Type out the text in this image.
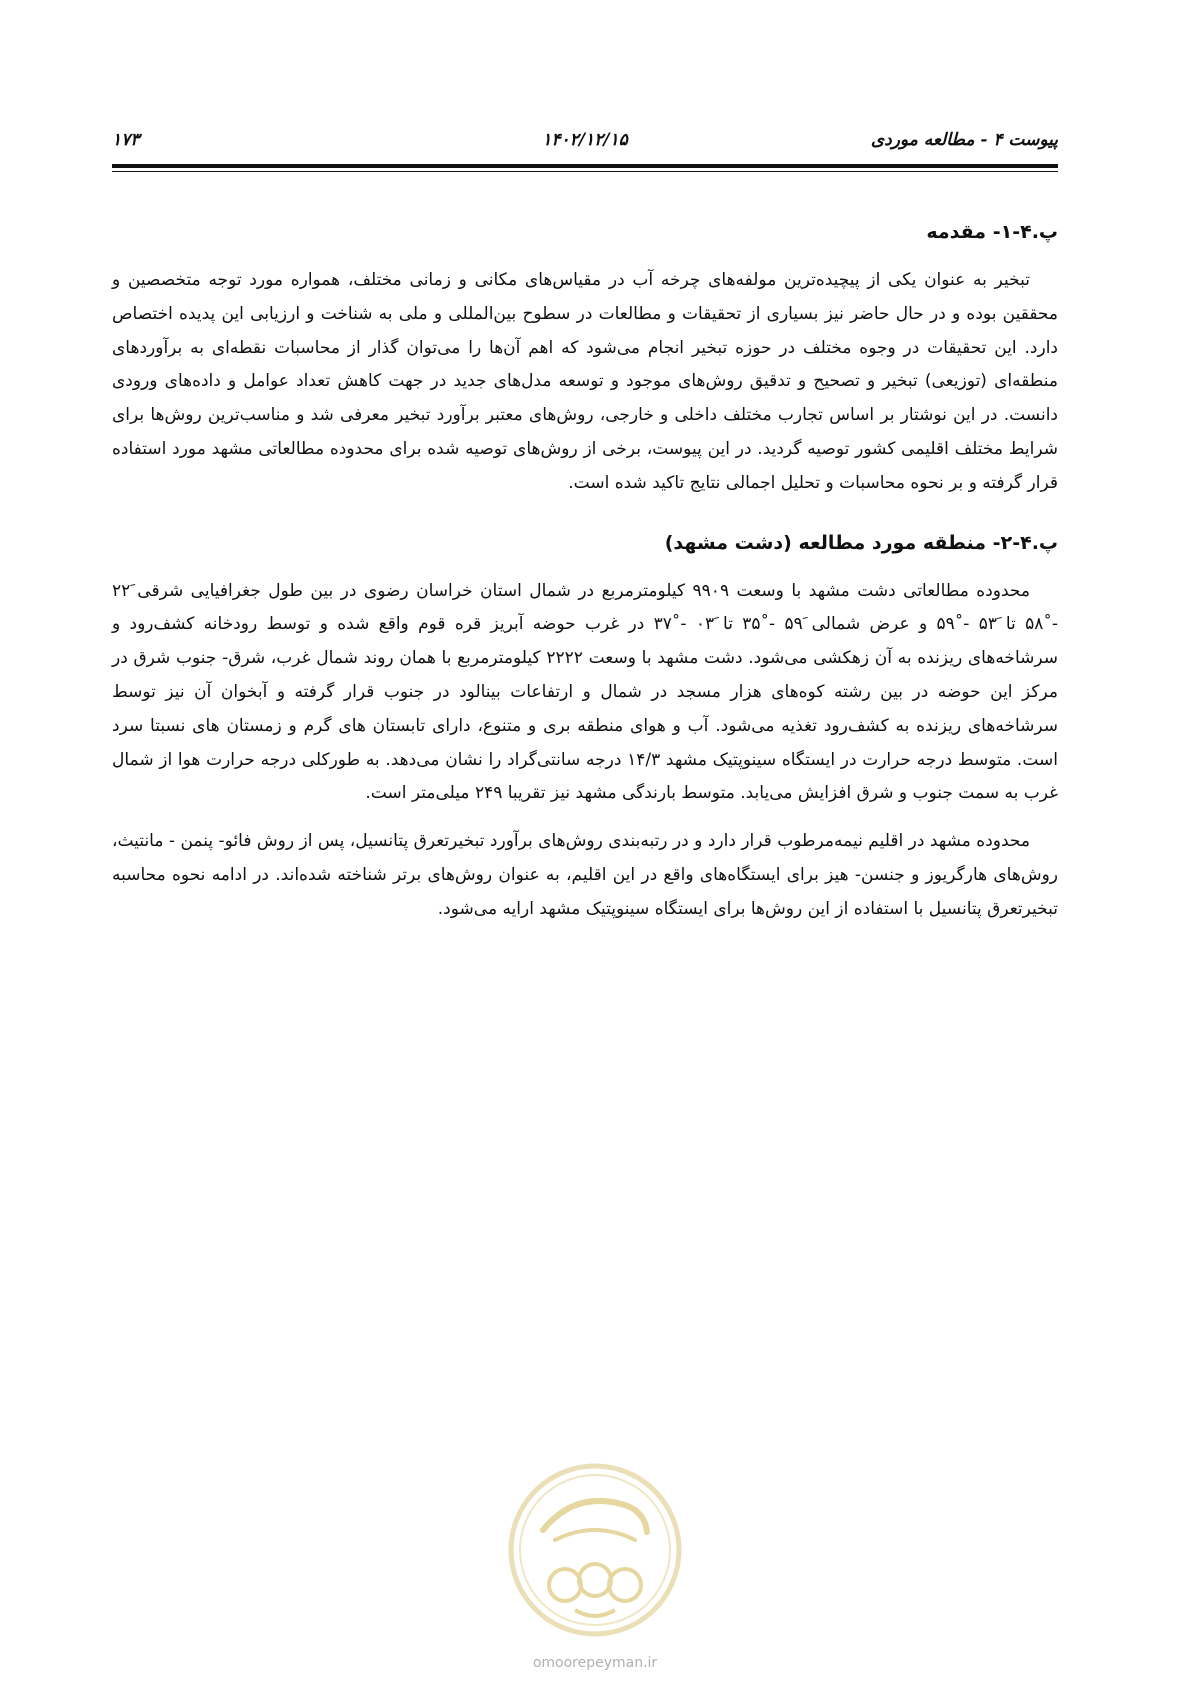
پیوست ۴ - مطالعه موردی
۱۴۰۲/۱۲/۱۵
۱۷۳
پ.۴-۱- مقدمه

تبخیر به عنوان یکی از پیچیده‌ترین مولفه‌های چرخه آب در مقیاس‌های مکانی و زمانی مختلف، همواره مورد توجه متخصصین و محققین بوده و در حال حاضر نیز بسیاری از تحقیقات و مطالعات در سطوح بین‌المللی و ملی به شناخت و ارزیابی این پدیده اختصاص دارد. این تحقیقات در وجوه مختلف در حوزه تبخیر انجام می‌شود که اهم آن‌ها را می‌توان گذار از محاسبات نقطه‌ای به برآوردهای منطقه‌ای (توزیعی) تبخیر و تصحیح و تدقیق روش‌های موجود و توسعه مدل‌های جدید در جهت کاهش تعداد عوامل و داده‌های ورودی دانست. در این نوشتار بر اساس تجارب مختلف داخلی و خارجی، روش‌های معتبر برآورد تبخیر معرفی شد و مناسب‌ترین روش‌ها برای شرایط مختلف اقلیمی کشور توصیه گردید. در این پیوست، برخی از روش‌های توصیه شده برای محدوده مطالعاتی مشهد مورد استفاده قرار گرفته و بر نحوه محاسبات و تحلیل اجمالی نتایج تاکید شده است.

پ.۴-۲- منطقه مورد مطالعه (دشت مشهد)

محدوده مطالعاتی دشت مشهد با وسعت ۹۹۰۹ کیلومترمربع در شمال استان خراسان رضوی در بین طول جغرافیایی شرقی َ۲۲ -˚۵۸ تا َ۵۳ -˚۵۹ و عرض شمالی َ۵۹ -˚۳۵ تا َ۰۳ -˚۳۷ در غرب حوضه آبریز قره قوم واقع شده و توسط رودخانه کشف‌رود و سرشاخه‌های ریزنده به آن زهکشی می‌شود. دشت مشهد با وسعت ۲۲۲۲ کیلومترمربع با همان روند شمال غرب، شرق- جنوب شرق در مرکز این حوضه در بین رشته کوه‌های هزار مسجد در شمال و ارتفاعات بینالود در جنوب قرار گرفته و آبخوان آن نیز توسط سرشاخه‌های ریزنده به کشف‌رود تغذیه می‌شود. آب و هوای منطقه بری و متنوع، دارای تابستان های گرم و زمستان های نسبتا سرد است. متوسط درجه حرارت در ایستگاه سینوپتیک مشهد ۱۴/۳ درجه سانتی‌گراد را نشان می‌دهد. به طورکلی درجه حرارت هوا از شمال غرب به سمت جنوب و شرق افزایش می‌یابد. متوسط بارندگی مشهد نیز تقریبا ۲۴۹ میلی‌متر است.

محدوده مشهد در اقلیم نیمه‌مرطوب قرار دارد و در رتبه‌بندی روش‌های برآورد تبخیرتعرق پتانسیل، پس از روش فائو- پنمن - مانتیث، روش‌های هارگریوز و جنسن- هیز برای ایستگاه‌های واقع در این اقلیم، به عنوان روش‌های برتر شناخته شده‌اند. در ادامه نحوه محاسبه تبخیرتعرق پتانسیل با استفاده از این روش‌ها برای ایستگاه سینوپتیک مشهد ارایه می‌شود.

omoorepeyman.ir
